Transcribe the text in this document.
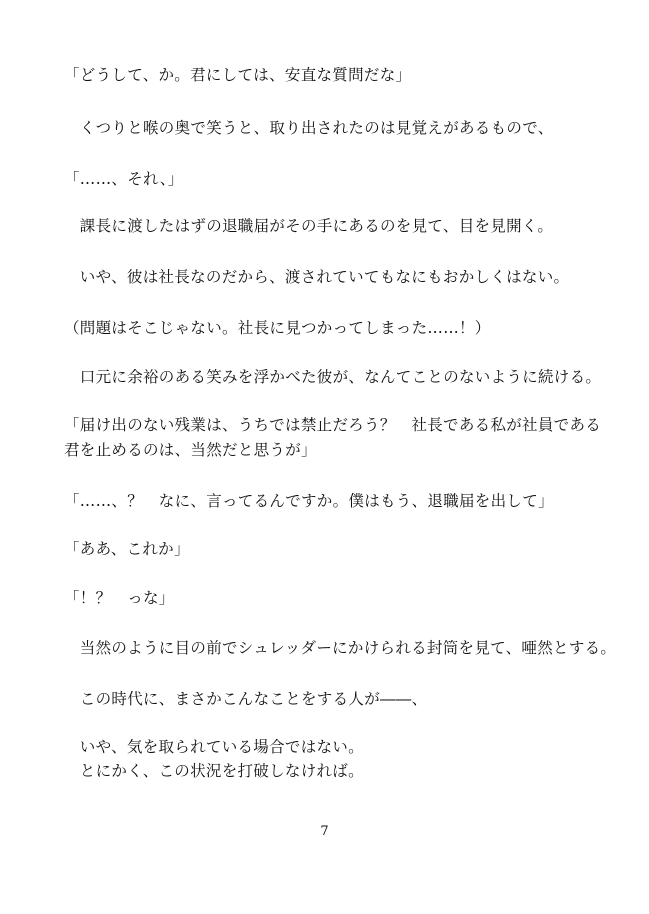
「どうして、か。君にしては、安直な質問だな」
　くつりと喉の奥で笑うと、取り出されたのは見覚えがあるもので、
「……、それ、」
　課長に渡したはずの退職届がその手にあるのを見て、目を見開く。
　いや、彼は社長なのだから、渡されていてもなにもおかしくはない。
（問題はそこじゃない。社長に見つかってしまった……！）
　口元に余裕のある笑みを浮かべた彼が、なんてことのないように続ける。
「届け出のない残業は、うちでは禁止だろう？　社長である私が社員である
君を止めるのは、当然だと思うが」
「……、？　なに、言ってるんですか。僕はもう、退職届を出して」
「ああ、これか」
「！？　っな」
　当然のように目の前でシュレッダーにかけられる封筒を見て、唖然とする。
　この時代に、まさかこんなことをする人が――、
　いや、気を取られている場合ではない。
　とにかく、この状況を打破しなければ。
7
